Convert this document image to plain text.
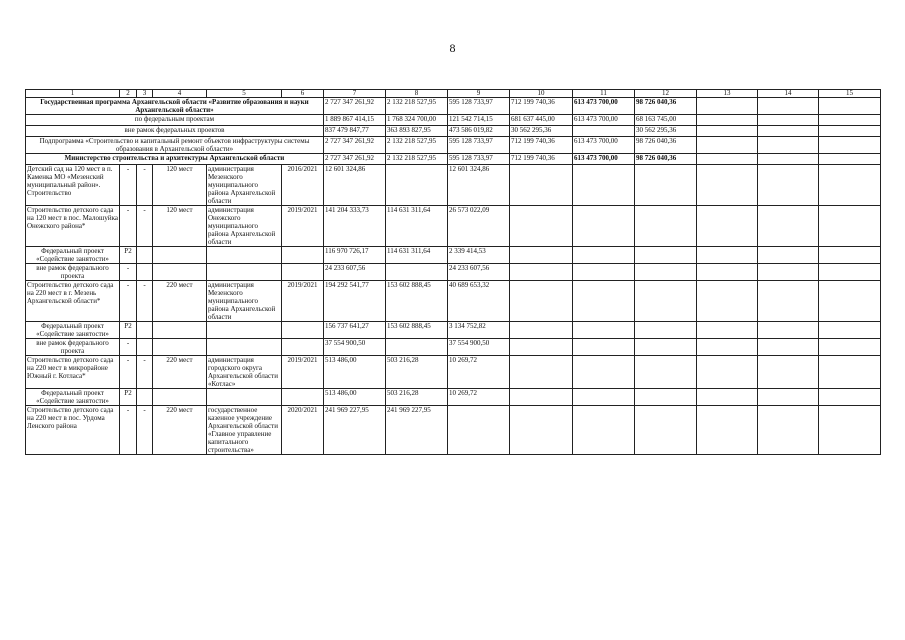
8
1	2	3	4	5	6	7	8	9	10	11	12	13	14	15
Государственная программа Архангельской области «Развитие образования и науки Архангельской области»						2 727 347 261,92	2 132 218 527,95	595 128 733,97	712 199 740,36	613 473 700,00	98 726 040,36			
по федеральным проектам						1 889 867 414,15	1 768 324 700,00	121 542 714,15	681 637 445,00	613 473 700,00	68 163 745,00			
вне рамок федеральных проектов						837 479 847,77	363 893 827,95	473 586 019,82	30 562 295,36		30 562 295,36			
Подпрограмма «Строительство и капитальный ремонт объектов инфраструктуры системы образования в Архангельской области»						2 727 347 261,92	2 132 218 527,95	595 128 733,97	712 199 740,36	613 473 700,00	98 726 040,36			
Министерство строительства и архитектуры Архангельской области						2 727 347 261,92	2 132 218 527,95	595 128 733,97	712 199 740,36	613 473 700,00	98 726 040,36			
Детский сад на 120 мест в п. Каменка МО «Мезенский муниципальный район». Строительство	-	-	120 мест	администрация Мезенского муниципального района Архангельской области	2016/2021	12 601 324,86		12 601 324,86						
Строительство детского сада на 120 мест в пос. Малошуйка Онежского района*	-	-	120 мест	администрация Онежского муниципального района Архангельской области	2019/2021	141 204 333,73	114 631 311,64	26 573 022,09						
Федеральный проект «Содействие занятости»	P2					116 970 726,17	114 631 311,64	2 339 414,53						
вне рамок федерального проекта	-					24 233 607,56		24 233 607,56						
Строительство детского сада на 220 мест в г. Мезень Архангельской области*	-	-	220 мест	администрация Мезенского муниципального района Архангельской области	2019/2021	194 292 541,77	153 602 888,45	40 689 653,32						
Федеральный проект «Содействие занятости»	P2					156 737 641,27	153 602 888,45	3 134 752,82						
вне рамок федерального проекта	-					37 554 900,50		37 554 900,50						
Строительство детского сада на 220 мест в микрорайоне Южный г. Котласа*	-	-	220 мест	администрация городского округа Архангельской области «Котлас»	2019/2021	513 486,00	503 216,28	10 269,72						
Федеральный проект «Содействие занятости»	P2					513 486,00	503 216,28	10 269,72						
Строительство детского сада на 220 мест в пос. Урдома Ленского района	-	-	220 мест	государственное казенное учреждение Архангельской области «Главное управление капитального строительства»	2020/2021	241 969 227,95	241 969 227,95							
